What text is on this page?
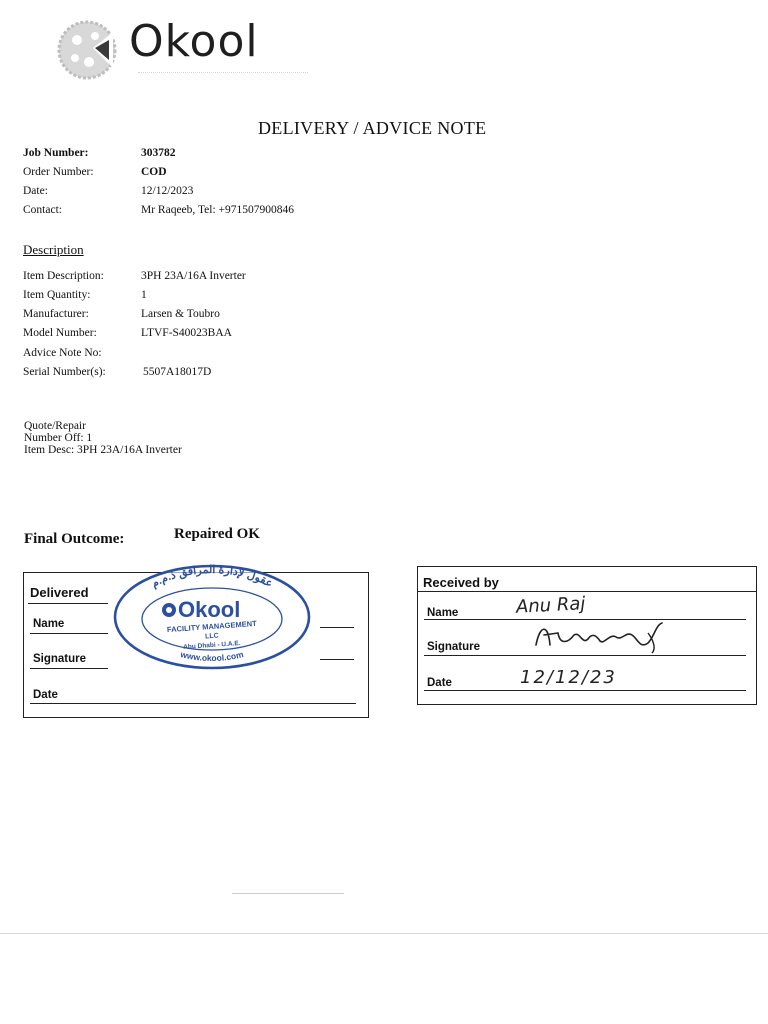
Okool
DELIVERY / ADVICE NOTE
Job Number:	303782
Order Number:	COD
Date:	12/12/2023
Contact:	Mr Raqeeb, Tel: +971507900846
Description
Item Description:	3PH 23A/16A Inverter
Item Quantity:	1
Manufacturer:	Larsen & Toubro
Model Number:	LTVF-S40023BAA
Advice Note No:
Serial Number(s):	5507A18017D
Quote/Repair
Number Off: 1
Item Desc: 3PH 23A/16A Inverter
Final Outcome:	Repaired OK
Delivered
Name
Signature
Date
عقول لإدارة المرافق ذ.م.م
Okool
FACILITY MANAGEMENT
LLC
Abu Dhabi - U.A.E.
www.okool.com
Received by
Name	Anu Raj
Signature
Date	12/12/23
